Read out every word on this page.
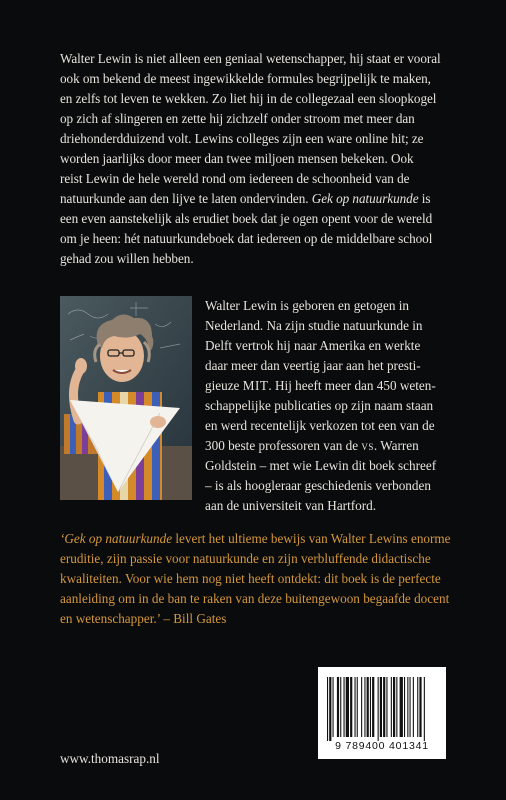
Walter Lewin is niet alleen een geniaal wetenschapper, hij staat er vooral
ook om bekend de meest ingewikkelde formules begrijpelijk te maken,
en zelfs tot leven te wekken. Zo liet hij in de collegezaal een sloopkogel
op zich af slingeren en zette hij zichzelf onder stroom met meer dan
driehonderdduizend volt. Lewins colleges zijn een ware online hit; ze
worden jaarlijks door meer dan twee miljoen mensen bekeken. Ook
reist Lewin de hele wereld rond om iedereen de schoonheid van de
natuurkunde aan den lijve te laten ondervinden. Gek op natuurkunde is
een even aanstekelijk als erudiet boek dat je ogen opent voor de wereld
om je heen: hét natuurkundeboek dat iedereen op de middelbare school
gehad zou willen hebben.

Walter Lewin is geboren en getogen in
Nederland. Na zijn studie natuurkunde in
Delft vertrok hij naar Amerika en werkte
daar meer dan veertig jaar aan het presti-
gieuze MIT. Hij heeft meer dan 450 weten-
schappelijke publicaties op zijn naam staan
en werd recentelijk verkozen tot een van de
300 beste professoren van de vs. Warren
Goldstein – met wie Lewin dit boek schreef
– is als hoogleraar geschiedenis verbonden
aan de universiteit van Hartford.

‘Gek op natuurkunde levert het ultieme bewijs van Walter Lewins enorme
eruditie, zijn passie voor natuurkunde en zijn verbluffende didactische
kwaliteiten. Voor wie hem nog niet heeft ontdekt: dit boek is de perfecte
aanleiding om in de ban te raken van deze buitengewoon begaafde docent
en wetenschapper.’ – Bill Gates

9 789400 401341
www.thomasrap.nl
